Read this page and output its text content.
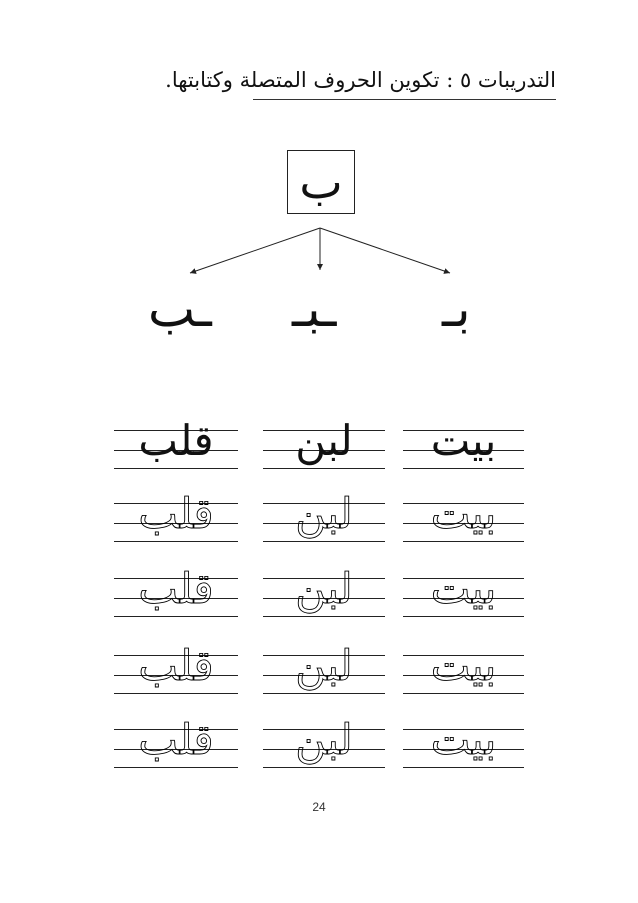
التدريبات ٥ : تكوين الحروف المتصلة وكتابتها.
ب
ـب ـبـ بـ
قلب
قلب
قلب
قلب
قلب
لبن
لبن
لبن
لبن
لبن
بيت
بيت
بيت
بيت
بيت
24
